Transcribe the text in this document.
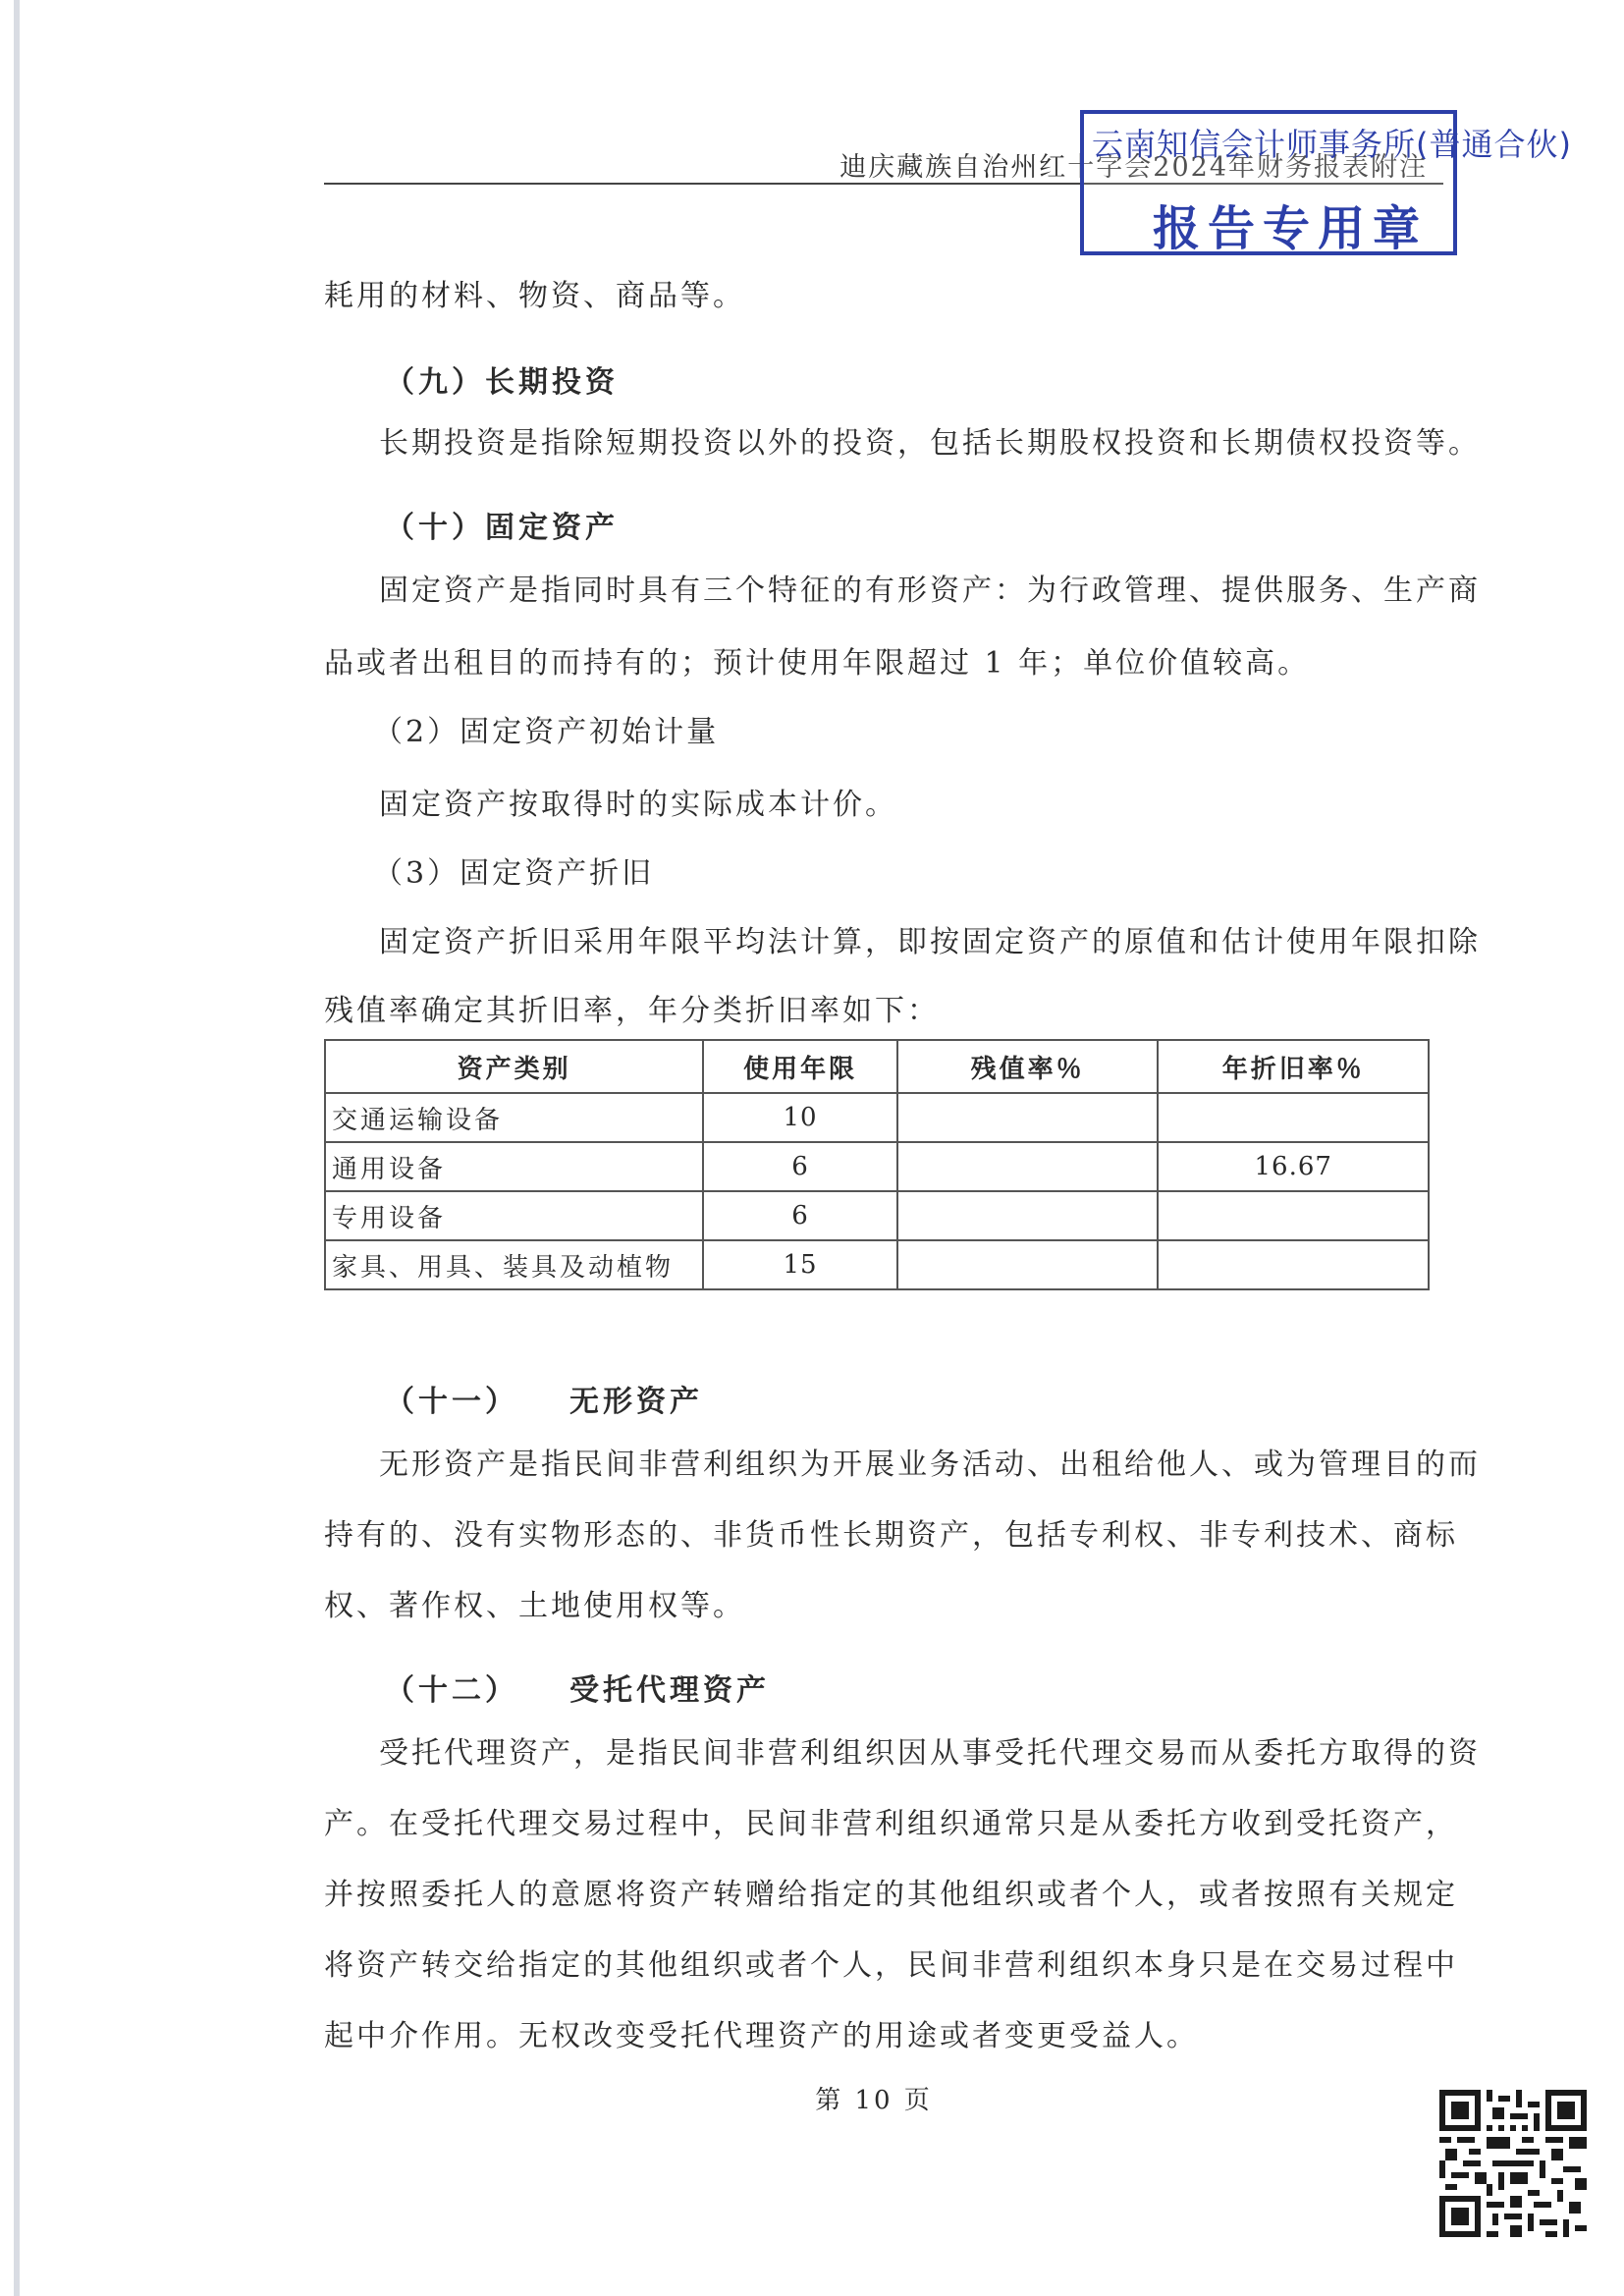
迪庆藏族自治州红十字会2024年财务报表附注
云南知信会计师事务所(普通合伙)
报告专用章
耗用的材料、物资、商品等。
（九）长期投资
长期投资是指除短期投资以外的投资，包括长期股权投资和长期债权投资等。
（十）固定资产
固定资产是指同时具有三个特征的有形资产：为行政管理、提供服务、生产商
品或者出租目的而持有的；预计使用年限超过 1 年；单位价值较高。
（2）固定资产初始计量
固定资产按取得时的实际成本计价。
（3）固定资产折旧
固定资产折旧采用年限平均法计算，即按固定资产的原值和估计使用年限扣除
残值率确定其折旧率，年分类折旧率如下：
资产类别	使用年限	残值率％	年折旧率％
交通运输设备	10		
通用设备	6		16.67
专用设备	6		
家具、用具、装具及动植物	15		
（十一） 无形资产
无形资产是指民间非营利组织为开展业务活动、出租给他人、或为管理目的而
持有的、没有实物形态的、非货币性长期资产，包括专利权、非专利技术、商标
权、著作权、土地使用权等。
（十二） 受托代理资产
受托代理资产，是指民间非营利组织因从事受托代理交易而从委托方取得的资
产。在受托代理交易过程中，民间非营利组织通常只是从委托方收到受托资产，
并按照委托人的意愿将资产转赠给指定的其他组织或者个人，或者按照有关规定
将资产转交给指定的其他组织或者个人，民间非营利组织本身只是在交易过程中
起中介作用。无权改变受托代理资产的用途或者变更受益人。
第 10 页
